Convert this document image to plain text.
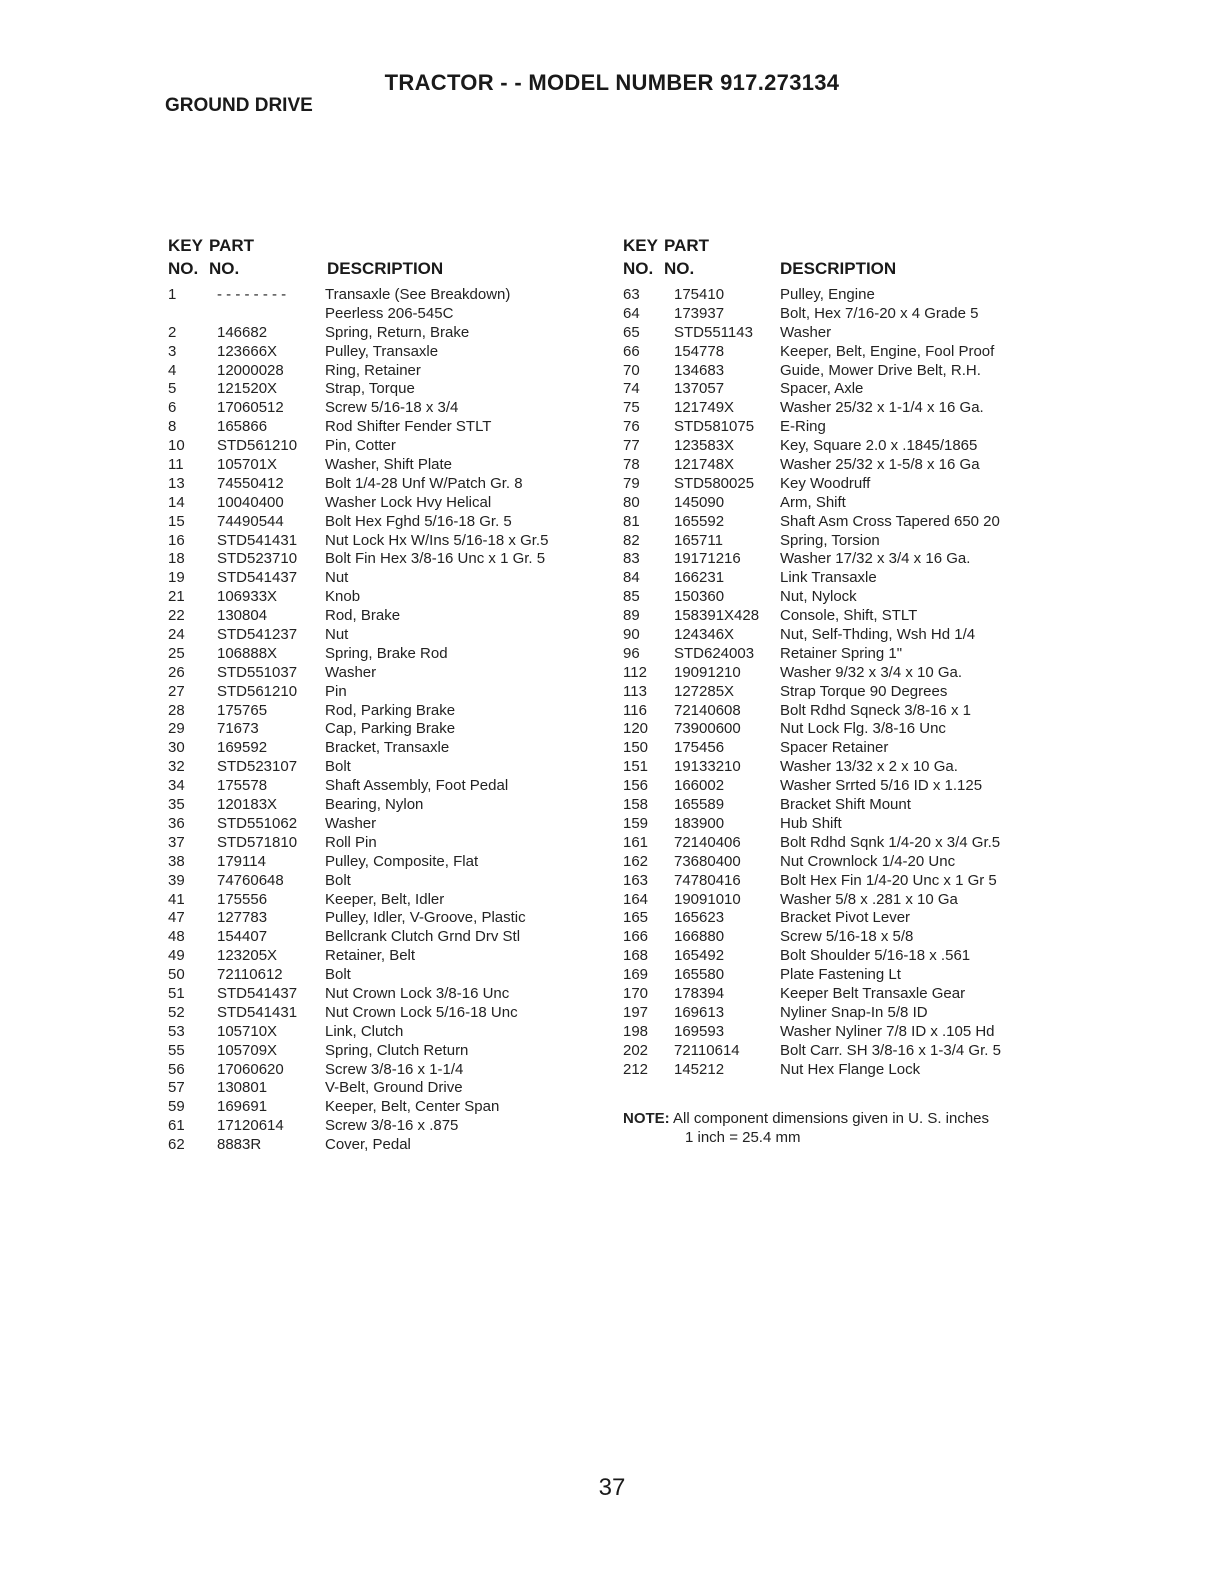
TRACTOR - - MODEL NUMBER 917.273134
GROUND DRIVE
KEY PART
NO. NO.	DESCRIPTION
1	- - - - - - - -	Transaxle (See Breakdown)
Peerless 206-545C
2	146682	Spring, Return, Brake
3	123666X	Pulley, Transaxle
4	12000028	Ring, Retainer
5	121520X	Strap, Torque
6	17060512	Screw 5/16-18 x 3/4
8	165866	Rod Shifter Fender STLT
10 STD561210 Pin, Cotter
11 105701X	Washer, Shift Plate
13 74550412	Bolt 1/4-28 Unf W/Patch Gr. 8
14 10040400	Washer Lock Hvy Helical
15 74490544	Bolt Hex Fghd 5/16-18 Gr. 5
16 STD541431 Nut Lock Hx W/Ins 5/16-18 x Gr.5
18 STD523710 Bolt Fin Hex 3/8-16 Unc x 1 Gr. 5
19 STD541437 Nut
21 106933X	Knob
22 130804	Rod, Brake
24 STD541237 Nut
25 106888X	Spring, Brake Rod
26 STD551037 Washer
27 STD561210 Pin
28 175765	Rod, Parking Brake
29 71673	Cap, Parking Brake
30 169592	Bracket, Transaxle
32 STD523107 Bolt
34 175578	Shaft Assembly, Foot Pedal
35 120183X	Bearing, Nylon
36 STD551062 Washer
37 STD571810 Roll Pin
38 179114	Pulley, Composite, Flat
39 74760648	Bolt
41 175556	Keeper, Belt, Idler
47 127783	Pulley, Idler, V-Groove, Plastic
48 154407	Bellcrank Clutch Grnd Drv Stl
49 123205X	Retainer, Belt
50 72110612	Bolt
51 STD541437 Nut Crown Lock 3/8-16 Unc
52 STD541431 Nut Crown Lock 5/16-18 Unc
53 105710X	Link, Clutch
55 105709X	Spring, Clutch Return
56 17060620	Screw 3/8-16 x 1-1/4
57 130801	V-Belt, Ground Drive
59 169691	Keeper, Belt, Center Span
61 17120614	Screw 3/8-16 x .875
62 8883R	Cover, Pedal
KEY PART
NO. NO.	DESCRIPTION
63 175410	Pulley, Engine
64 173937	Bolt, Hex 7/16-20 x 4 Grade 5
65 STD551143 Washer
66 154778	Keeper, Belt, Engine, Fool Proof
70 134683	Guide, Mower Drive Belt, R.H.
74 137057	Spacer, Axle
75 121749X	Washer 25/32 x 1-1/4 x 16 Ga.
76 STD581075 E-Ring
77 123583X	Key, Square 2.0 x .1845/1865
78 121748X	Washer 25/32 x 1-5/8 x 16 Ga
79 STD580025 Key Woodruff
80 145090	Arm, Shift
81 165592	Shaft Asm Cross Tapered 650 20
82 165711	Spring, Torsion
83 19171216	Washer 17/32 x 3/4 x 16 Ga.
84 166231	Link Transaxle
85 150360	Nut, Nylock
89 158391X428 Console, Shift, STLT
90 124346X	Nut, Self-Thding, Wsh Hd 1/4
96 STD624003 Retainer Spring 1"
112 19091210	Washer 9/32 x 3/4 x 10 Ga.
113 127285X	Strap Torque 90 Degrees
116 72140608	Bolt Rdhd Sqneck 3/8-16 x 1
120 73900600	Nut Lock Flg. 3/8-16 Unc
150 175456	Spacer Retainer
151 19133210	Washer 13/32 x 2 x 10 Ga.
156 166002	Washer Srrted 5/16 ID x 1.125
158 165589	Bracket Shift Mount
159 183900	Hub Shift
161 72140406	Bolt Rdhd Sqnk 1/4-20 x 3/4 Gr.5
162 73680400	Nut Crownlock 1/4-20 Unc
163 74780416	Bolt Hex Fin 1/4-20 Unc x 1 Gr 5
164 19091010	Washer 5/8 x .281 x 10 Ga
165 165623	Bracket Pivot Lever
166 166880	Screw 5/16-18 x 5/8
168 165492	Bolt Shoulder 5/16-18 x .561
169 165580	Plate Fastening Lt
170 178394	Keeper Belt Transaxle Gear
197 169613	Nyliner Snap-In 5/8 ID
198 169593	Washer Nyliner 7/8 ID x .105 Hd
202 72110614	Bolt Carr. SH 3/8-16 x 1-3/4 Gr. 5
212 145212	Nut Hex Flange Lock
NOTE: All component dimensions given in U. S. inches
1 inch = 25.4 mm
37
